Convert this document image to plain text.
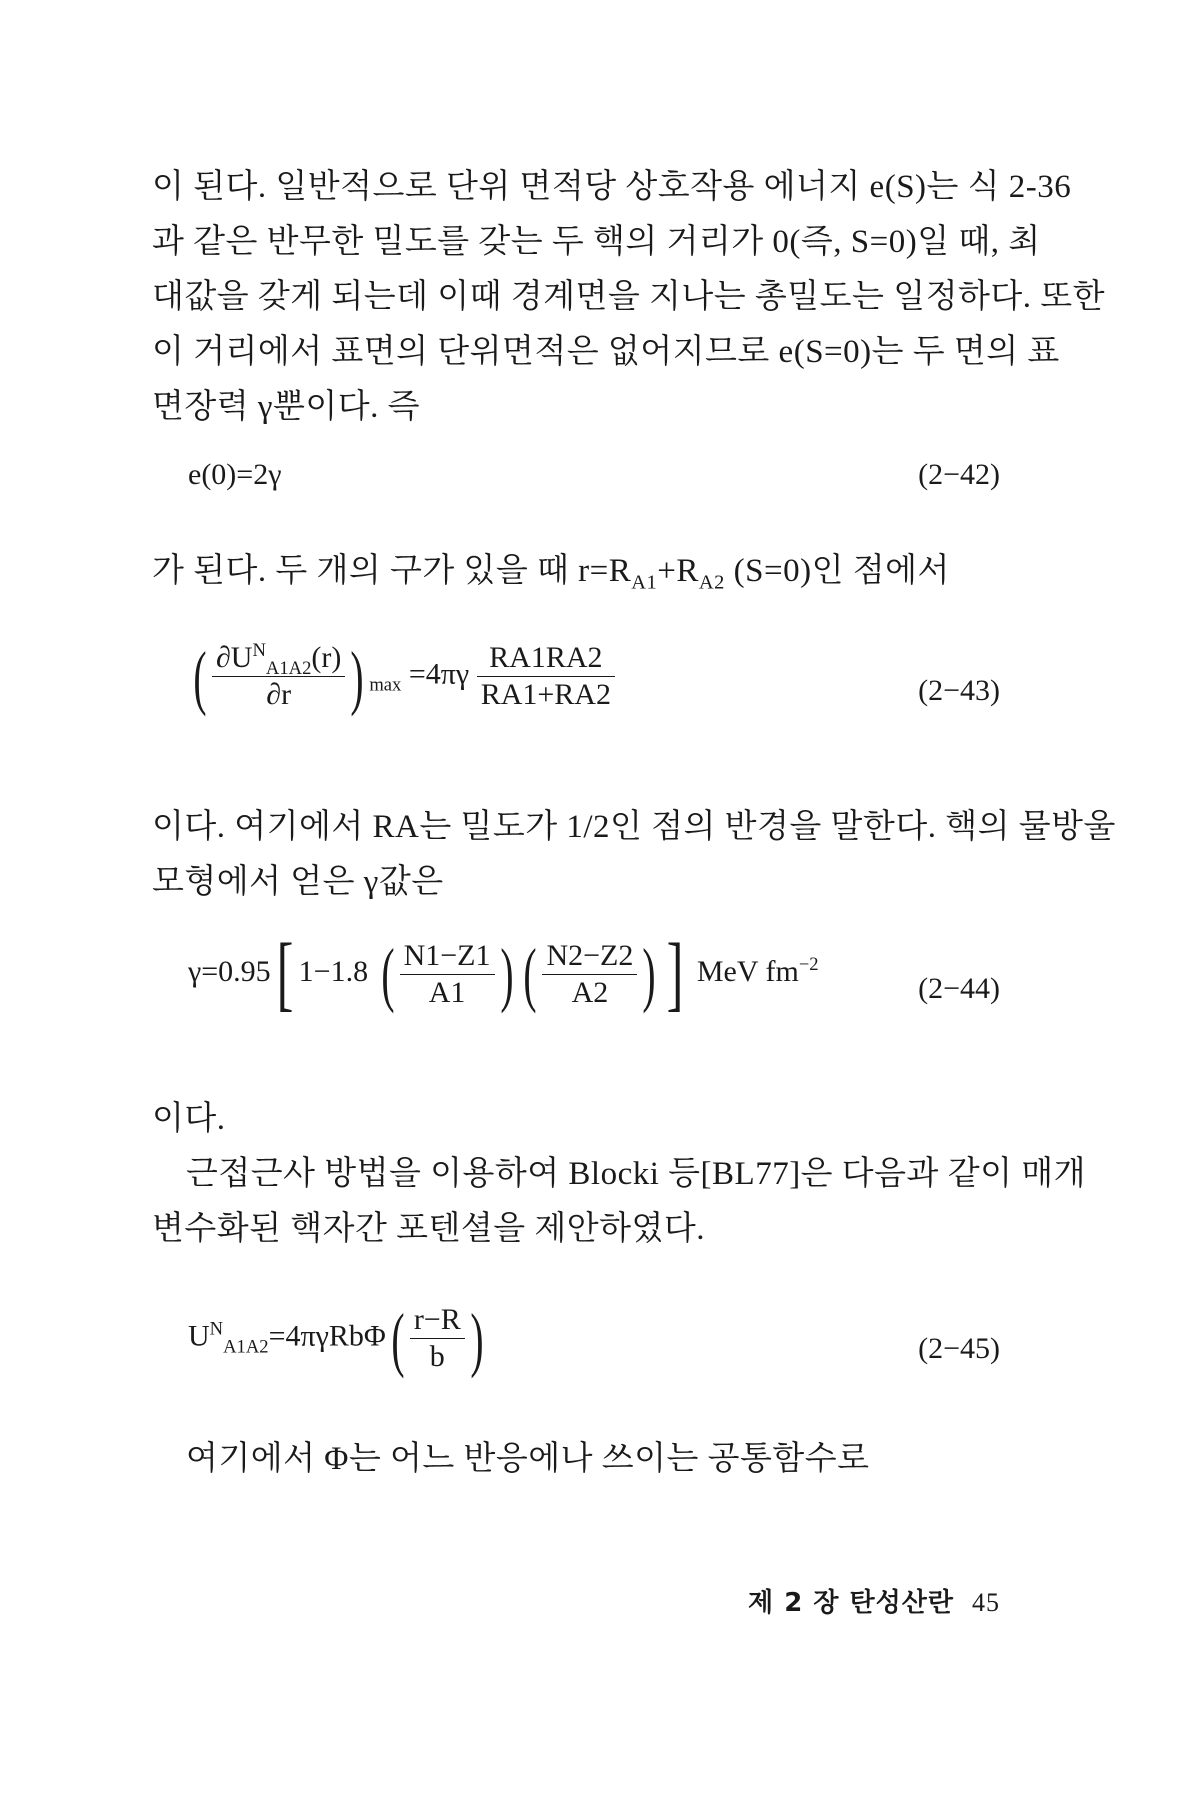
이 된다. 일반적으로 단위 면적당 상호작용 에너지 e(S)는 식 2-36
과 같은 반무한 밀도를 갖는 두 핵의 거리가 0(즉, S=0)일 때, 최
대값을 갖게 되는데 이때 경계면을 지나는 총밀도는 일정하다. 또한
이 거리에서 표면의 단위면적은 없어지므로 e(S=0)는 두 면의 표
면장력 γ뿐이다. 즉

e(0)=2γ	(2−42)

가 된다. 두 개의 구가 있을 때 $r=R_{A1}+R_{A2}$ (S=0)인 점에서

( $\frac{\partial U^N_{A1A2}(r)}{\partial r}$ ) $_{max} =4\pi\gamma \frac{RA1RA2}{RA1+RA2}$	(2−43)

이다. 여기에서 RA는 밀도가 1/2인 점의 반경을 말한다. 핵의 물방울
모형에서 얻은 γ값은

γ=0.95[ 1−1.8 ( $\frac{N1-Z1}{A1}$ ) ( $\frac{N2-Z2}{A2}$ ) ] MeV $fm^{-2}$
(2−44)

이다.
근접근사 방법을 이용하여 Blocki 등[BL77]은 다음과 같이 매개
변수화된 핵자간 포텐셜을 제안하였다.

$U^N_{A1A2}=4\pi\gamma Rb\Phi( \frac{r-R}{b}$ )	(2−45)

여기에서 Φ는 어느 반응에나 쓰이는 공통함수로

제 2 장 탄성산란 45
